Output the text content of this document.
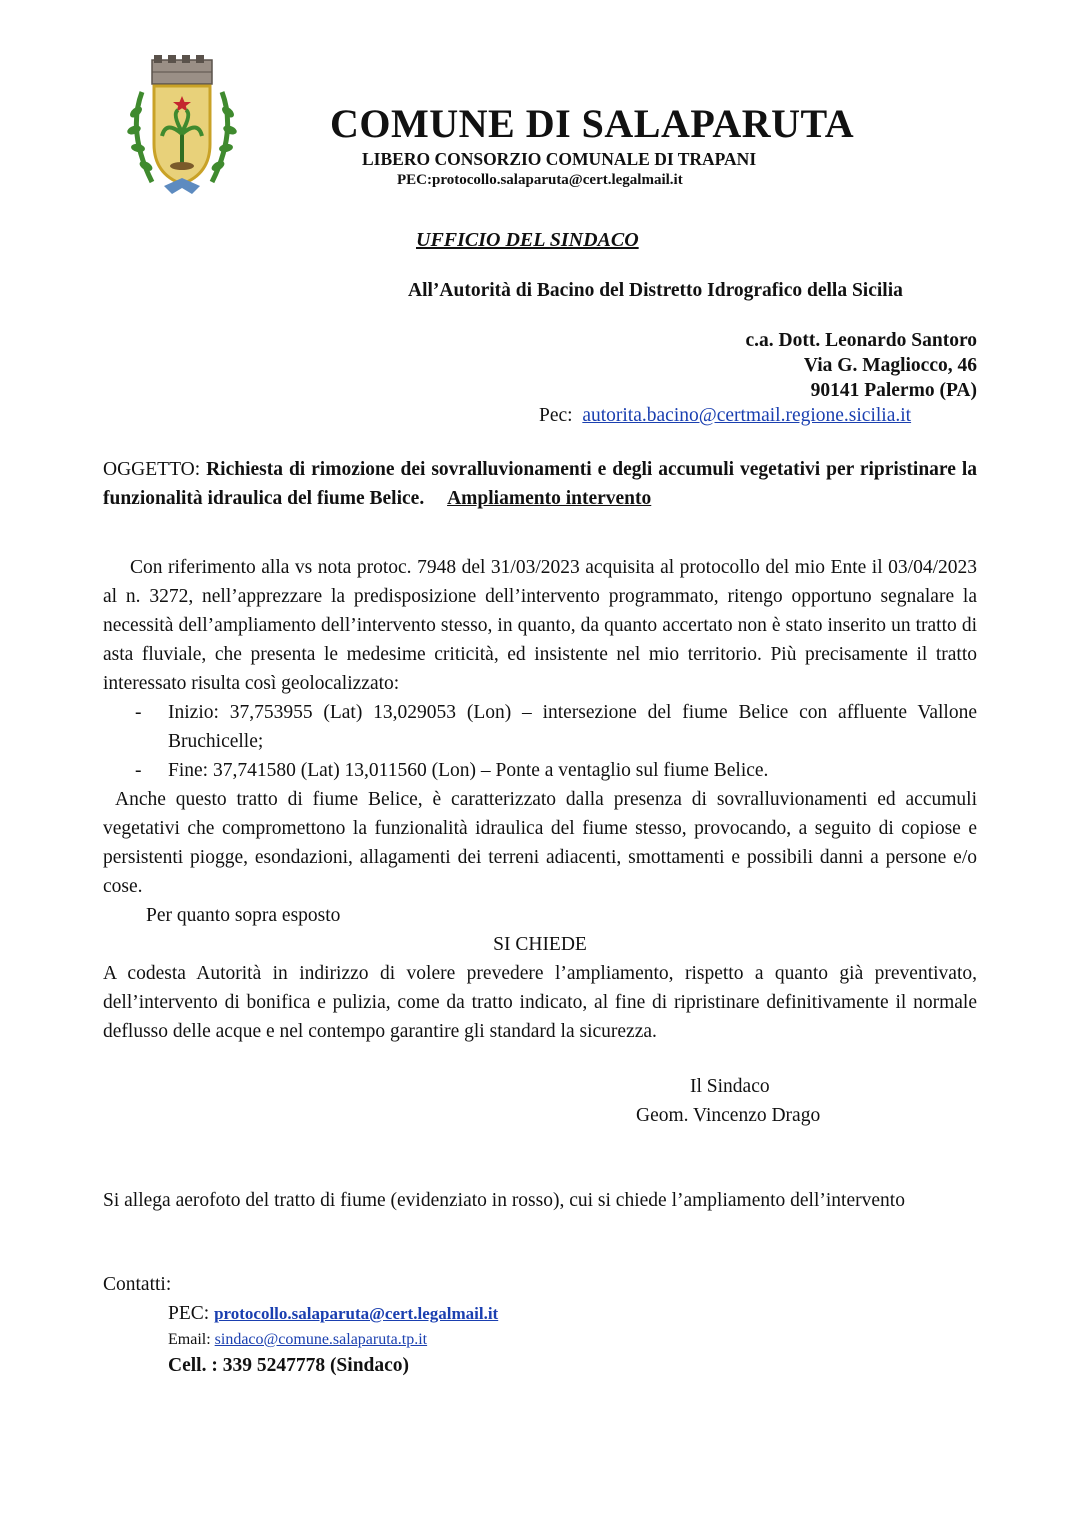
COMUNE DI SALAPARUTA
LIBERO CONSORZIO COMUNALE DI TRAPANI
PEC:protocollo.salaparuta@cert.legalmail.it
UFFICIO DEL SINDACO
All’Autorità di Bacino del Distretto Idrografico della Sicilia
c.a. Dott. Leonardo Santoro
Via G. Magliocco, 46
90141 Palermo (PA)
Pec: autorita.bacino@certmail.regione.sicilia.it
OGGETTO: Richiesta di rimozione dei sovralluvionamenti e degli accumuli vegetativi per ripristinare la funzionalità idraulica del fiume Belice. Ampliamento intervento

Con riferimento alla vs nota protoc. 7948 del 31/03/2023 acquisita al protocollo del mio Ente il 03/04/2023 al n. 3272, nell’apprezzare la predisposizione dell’intervento programmato, ritengo opportuno segnalare la necessità dell’ampliamento dell’intervento stesso, in quanto, da quanto accertato non è stato inserito un tratto di asta fluviale, che presenta le medesime criticità, ed insistente nel mio territorio. Più precisamente il tratto interessato risulta così geolocalizzato:

- Inizio: 37,753955 (Lat) 13,029053 (Lon) – intersezione del fiume Belice con affluente Vallone Bruchicelle;

- Fine: 37,741580 (Lat) 13,011560 (Lon) – Ponte a ventaglio sul fiume Belice.

Anche questo tratto di fiume Belice, è caratterizzato dalla presenza di sovralluvionamenti ed accumuli vegetativi che compromettono la funzionalità idraulica del fiume stesso, provocando, a seguito di copiose e persistenti piogge, esondazioni, allagamenti dei terreni adiacenti, smottamenti e possibili danni a persone e/o cose.

Per quanto sopra esposto

SI CHIEDE

A codesta Autorità in indirizzo di volere prevedere l’ampliamento, rispetto a quanto già preventivato, dell’intervento di bonifica e pulizia, come da tratto indicato, al fine di ripristinare definitivamente il normale deflusso delle acque e nel contempo garantire gli standard la sicurezza.

Il Sindaco
Geom. Vincenzo Drago
Si allega aerofoto del tratto di fiume (evidenziato in rosso), cui si chiede l’ampliamento dell’intervento
Contatti:
PEC: protocollo.salaparuta@cert.legalmail.it
Email: sindaco@comune.salaparuta.tp.it
Cell. : 339 5247778 (Sindaco)
